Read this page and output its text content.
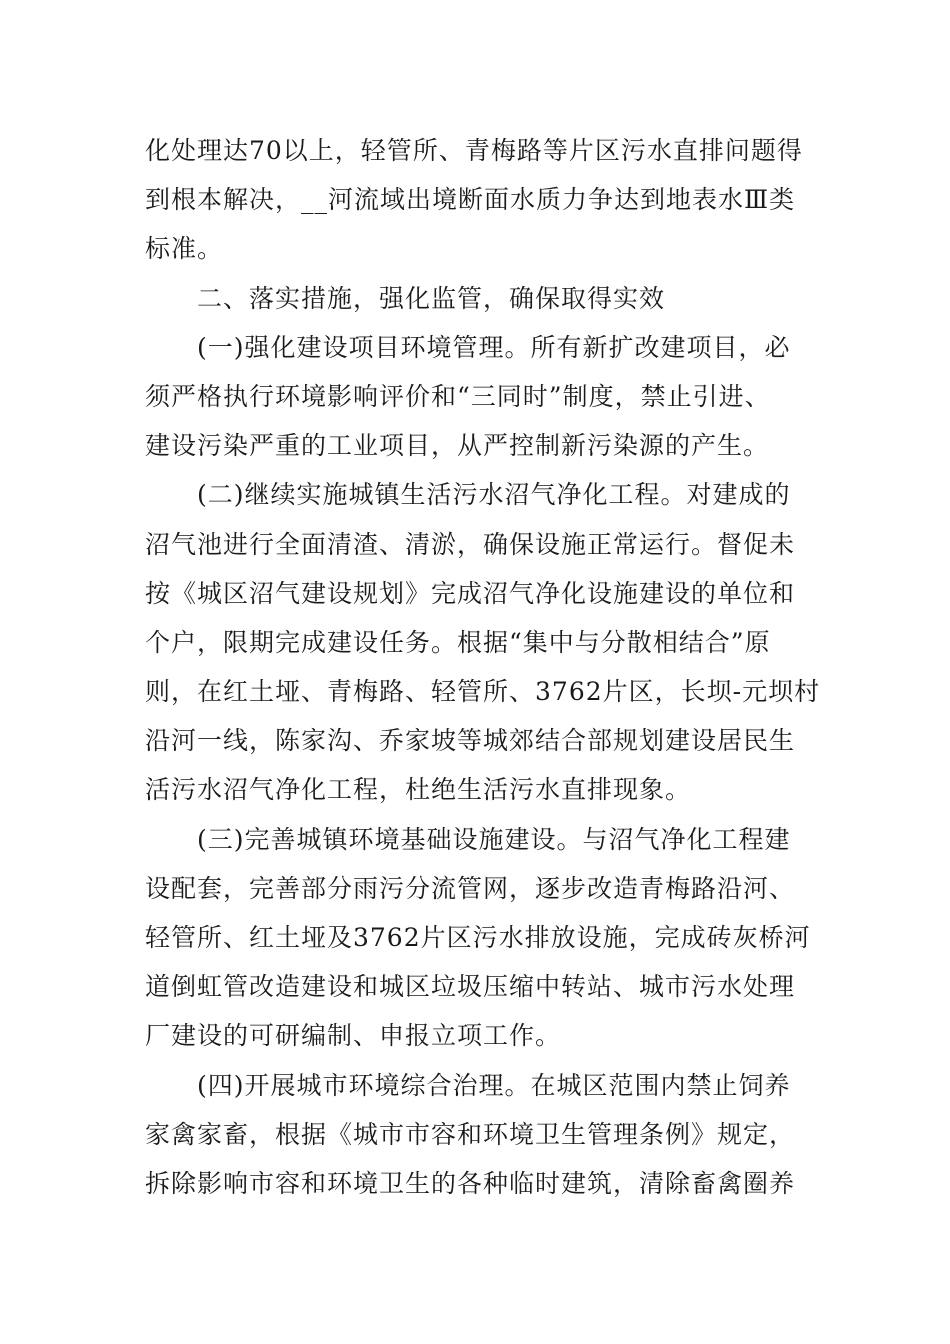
化处理达70以上，轻管所、青梅路等片区污水直排问题得
到根本解决，__河流域出境断面水质力争达到地表水Ⅲ类
标准。
二、落实措施，强化监管，确保取得实效
(一)强化建设项目环境管理。所有新扩改建项目，必
须严格执行环境影响评价和“三同时”制度，禁止引进、
建设污染严重的工业项目，从严控制新污染源的产生。
(二)继续实施城镇生活污水沼气净化工程。对建成的
沼气池进行全面清渣、清淤，确保设施正常运行。督促未
按《城区沼气建设规划》完成沼气净化设施建设的单位和
个户，限期完成建设任务。根据“集中与分散相结合”原
则，在红土垭、青梅路、轻管所、3762片区，长坝-元坝村
沿河一线，陈家沟、乔家坡等城郊结合部规划建设居民生
活污水沼气净化工程，杜绝生活污水直排现象。
(三)完善城镇环境基础设施建设。与沼气净化工程建
设配套，完善部分雨污分流管网，逐步改造青梅路沿河、
轻管所、红土垭及3762片区污水排放设施，完成砖灰桥河
道倒虹管改造建设和城区垃圾压缩中转站、城市污水处理
厂建设的可研编制、申报立项工作。
(四)开展城市环境综合治理。在城区范围内禁止饲养
家禽家畜，根据《城市市容和环境卫生管理条例》规定，
拆除影响市容和环境卫生的各种临时建筑，清除畜禽圈养
